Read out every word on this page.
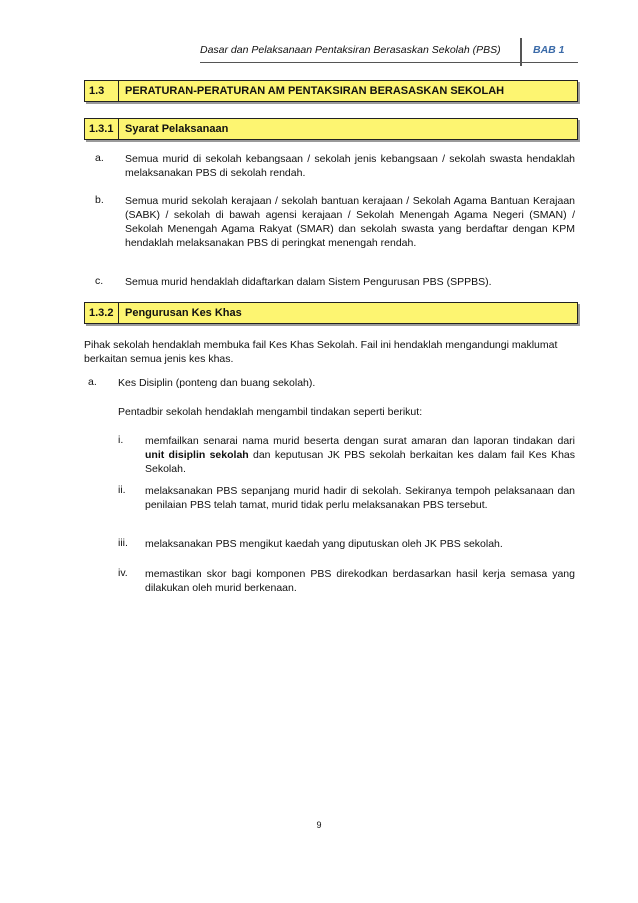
Dasar dan Pelaksanaan Pentaksiran Berasaskan Sekolah (PBS)	BAB 1
1.3	PERATURAN-PERATURAN AM PENTAKSIRAN BERASASKAN SEKOLAH
1.3.1	Syarat Pelaksanaan
a. Semua murid di sekolah kebangsaan / sekolah jenis kebangsaan / sekolah swasta hendaklah melaksanakan PBS di sekolah rendah.
b. Semua murid sekolah kerajaan / sekolah bantuan kerajaan / Sekolah Agama Bantuan Kerajaan (SABK) / sekolah di bawah agensi kerajaan / Sekolah Menengah Agama Negeri (SMAN) / Sekolah Menengah Agama Rakyat (SMAR) dan sekolah swasta yang berdaftar dengan KPM hendaklah melaksanakan PBS di peringkat menengah rendah.
c. Semua murid hendaklah didaftarkan dalam Sistem Pengurusan PBS (SPPBS).
1.3.2	Pengurusan Kes Khas
Pihak sekolah hendaklah membuka fail Kes Khas Sekolah. Fail ini hendaklah mengandungi maklumat berkaitan semua jenis kes khas.
a. Kes Disiplin (ponteng dan buang sekolah).
Pentadbir sekolah hendaklah mengambil tindakan seperti berikut:
i. memfailkan senarai nama murid beserta dengan surat amaran dan laporan tindakan dari unit disiplin sekolah dan keputusan JK PBS sekolah berkaitan kes dalam fail Kes Khas Sekolah.
ii. melaksanakan PBS sepanjang murid hadir di sekolah. Sekiranya tempoh pelaksanaan dan penilaian PBS telah tamat, murid tidak perlu melaksanakan PBS tersebut.
iii. melaksanakan PBS mengikut kaedah yang diputuskan oleh JK PBS sekolah.
iv. memastikan skor bagi komponen PBS direkodkan berdasarkan hasil kerja semasa yang dilakukan oleh murid berkenaan.
9
